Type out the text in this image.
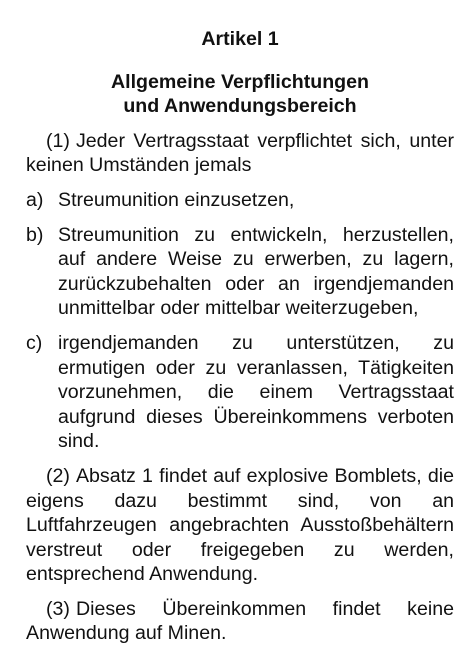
Artikel 1

Allgemeine Verpflichtungen
und Anwendungsbereich

(1) Jeder Vertragsstaat verpflichtet sich, unter keinen Umständen jemals

a) Streumunition einzusetzen,
b) Streumunition zu entwickeln, herzustellen, auf andere Weise zu erwerben, zu lagern, zurückzubehalten oder an irgendjemanden unmittelbar oder mittelbar weiterzugeben,
c) irgendjemanden zu unterstützen, zu ermutigen oder zu veranlassen, Tätigkeiten vorzunehmen, die einem Vertragsstaat aufgrund dieses Übereinkommens verboten sind.

(2) Absatz 1 findet auf explosive Bomblets, die eigens dazu bestimmt sind, von an Luftfahrzeugen angebrachten Ausstoßbehältern verstreut oder freigegeben zu werden, entsprechend Anwendung.

(3) Dieses Übereinkommen findet keine Anwendung auf Minen.
